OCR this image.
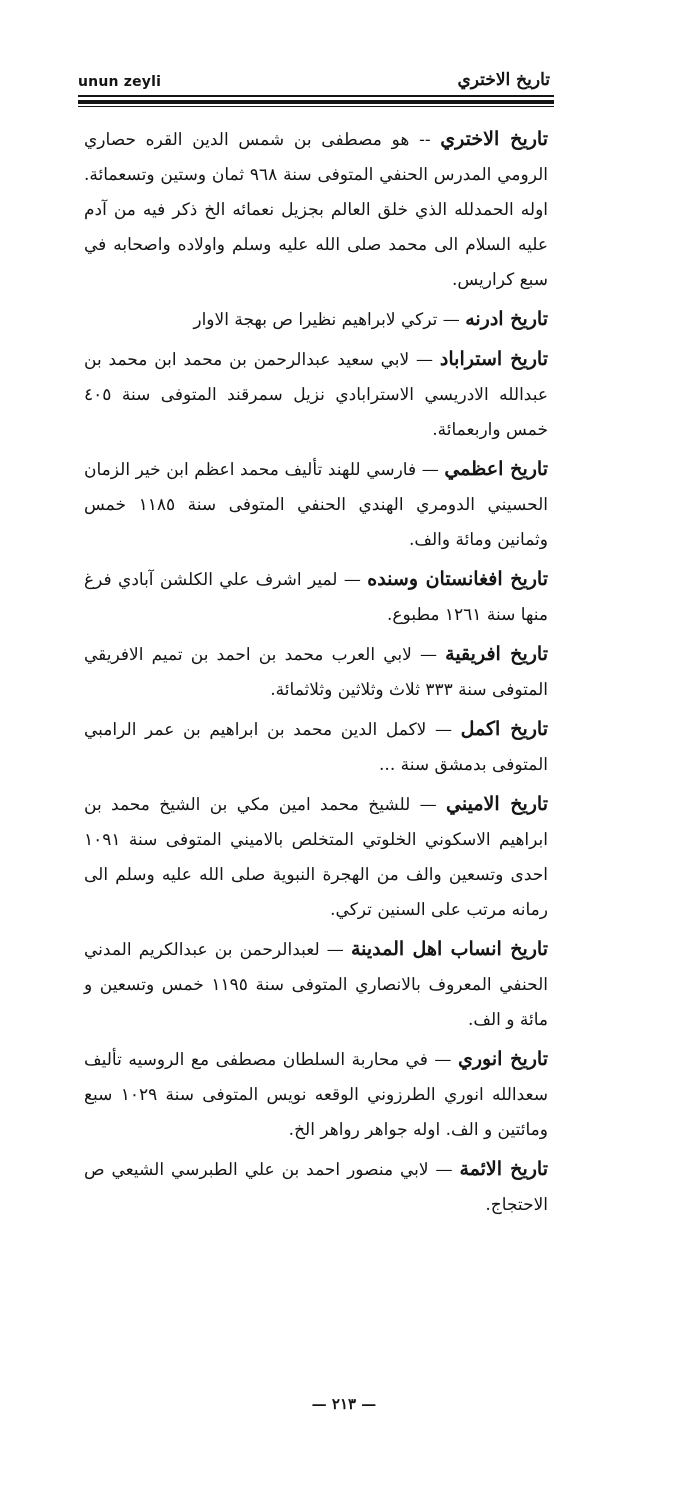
unun zeyli	تاريخ الاختري

تاريخ الاختري -- هو مصطفى بن شمس الدين القره حصاري الرومي المدرس الحنفي المتوفى سنة ٩٦٨ ثمان وستين وتسعمائة. اوله الحمدلله الذي خلق العالم بجزيل نعمائه الخ ذكر فيه من آدم عليه السلام الى محمد صلى الله عليه وسلم واولاده واصحابه في سبع كراريس.

تاريخ ادرنه — تركي لابراهيم نظيرا ص بهجة الاوار

تاريخ استراباد — لابي سعيد عبدالرحمن بن محمد ابن محمد بن عبدالله الادريسي الاسترابادي نزيل سمرقند المتوفى سنة ٤٠٥ خمس واربعمائة.

تاريخ اعظمي — فارسي للهند تأليف محمد اعظم ابن خير الزمان الحسيني الدومري الهندي الحنفي المتوفى سنة ١١٨٥ خمس وثمانين ومائة والف.

تاريخ افغانستان وسنده — لمير اشرف علي الكلشن آبادي فرغ منها سنة ١٢٦١ مطبوع.

تاريخ افريقية — لابي العرب محمد بن احمد بن تميم الافريقي المتوفى سنة ٣٣٣ ثلاث وثلاثين وثلاثمائة.

تاريخ اكمل — لاكمل الدين محمد بن ابراهيم بن عمر الرامبي المتوفى بدمشق سنة ...

تاريخ الاميني — للشيخ محمد امين مكي بن الشيخ محمد بن ابراهيم الاسكوني الخلوتي المتخلص بالاميني المتوفى سنة ١٠٩١ احدى وتسعين والف من الهجرة النبوية صلى الله عليه وسلم الى رمانه مرتب على السنين تركي.

تاريخ انساب اهل المدينة — لعبدالرحمن بن عبدالكريم المدني الحنفي المعروف بالانصاري المتوفى سنة ١١٩٥ خمس وتسعين و مائة و الف.

تاريخ انوري — في محاربة السلطان مصطفى مع الروسيه تأليف سعدالله انوري الطرزوني الوقعه نويس المتوفى سنة ١٠٢٩ سبع ومائتين و الف. اوله جواهر رواهر الخ.

تاريخ الائمة — لابي منصور احمد بن علي الطبرسي الشيعي ص الاحتجاج.

— ٢١٣ —
